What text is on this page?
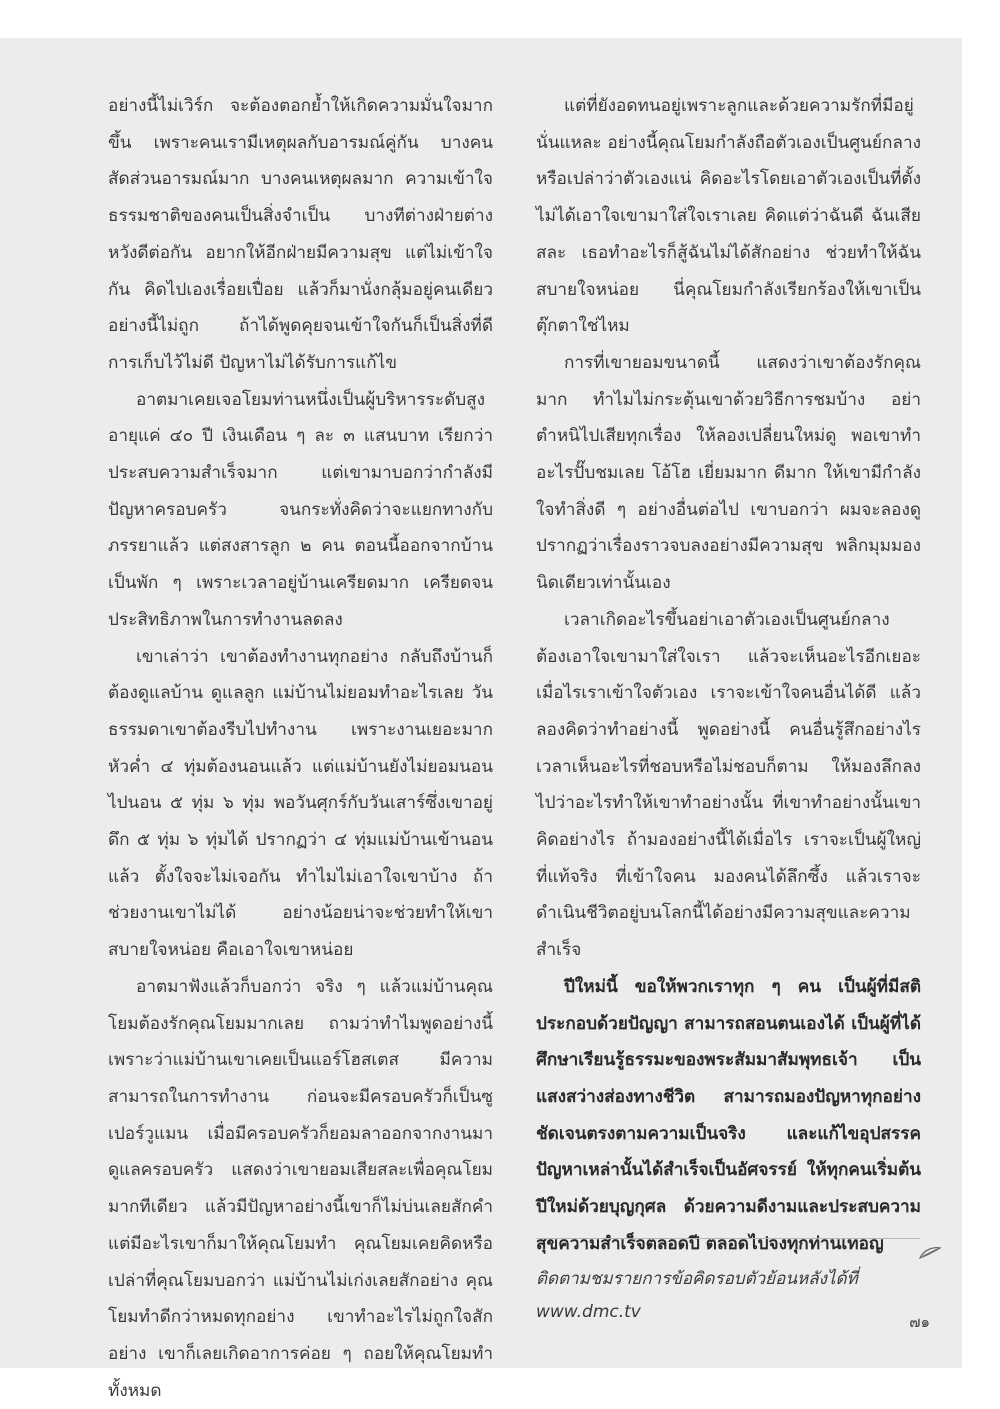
อย่างนี้ไม่เวิร์ก จะต้องตอกย้ำให้เกิดความมั่นใจมากขึ้น เพราะคนเรามีเหตุผลกับอารมณ์คู่กัน บางคนสัดส่วนอารมณ์มาก บางคนเหตุผลมาก ความเข้าใจธรรมชาติของคนเป็นสิ่งจำเป็น บางทีต่างฝ่ายต่างหวังดีต่อกัน อยากให้อีกฝ่ายมีความสุข แต่ไม่เข้าใจกัน คิดไปเองเรื่อยเปื่อย แล้วก็มานั่งกลุ้มอยู่คนเดียว อย่างนี้ไม่ถูก ถ้าได้พูดคุยจนเข้าใจกันก็เป็นสิ่งที่ดี การเก็บไว้ไม่ดี ปัญหาไม่ได้รับการแก้ไข

อาตมาเคยเจอโยมท่านหนึ่งเป็นผู้บริหารระดับสูง อายุแค่ ๔๐ ปี เงินเดือน ๆ ละ ๓ แสนบาท เรียกว่าประสบความสำเร็จมาก แต่เขามาบอกว่ากำลังมีปัญหาครอบครัว จนกระทั่งคิดว่าจะแยกทางกับภรรยาแล้ว แต่สงสารลูก ๒ คน ตอนนี้ออกจากบ้านเป็นพัก ๆ เพราะเวลาอยู่บ้านเครียดมาก เครียดจนประสิทธิภาพในการทำงานลดลง

เขาเล่าว่า เขาต้องทำงานทุกอย่าง กลับถึงบ้านก็ต้องดูแลบ้าน ดูแลลูก แม่บ้านไม่ยอมทำอะไรเลย วันธรรมดาเขาต้องรีบไปทำงาน เพราะงานเยอะมาก หัวค่ำ ๔ ทุ่มต้องนอนแล้ว แต่แม่บ้านยังไม่ยอมนอนไปนอน ๕ ทุ่ม ๖ ทุ่ม พอวันศุกร์กับวันเสาร์ซึ่งเขาอยู่ดึก ๕ ทุ่ม ๖ ทุ่มได้ ปรากฏว่า ๔ ทุ่มแม่บ้านเข้านอนแล้ว ตั้งใจจะไม่เจอกัน ทำไมไม่เอาใจเขาบ้าง ถ้าช่วยงานเขาไม่ได้ อย่างน้อยน่าจะช่วยทำให้เขาสบายใจหน่อย คือเอาใจเขาหน่อย

อาตมาฟังแล้วก็บอกว่า จริง ๆ แล้วแม่บ้านคุณโยมต้องรักคุณโยมมากเลย ถามว่าทำไมพูดอย่างนี้ เพราะว่าแม่บ้านเขาเคยเป็นแอร์โฮสเตส มีความสามารถในการทำงาน ก่อนจะมีครอบครัวก็เป็นซูเปอร์วูแมน เมื่อมีครอบครัวก็ยอมลาออกจากงานมาดูแลครอบครัว แสดงว่าเขายอมเสียสละเพื่อคุณโยมมากทีเดียว แล้วมีปัญหาอย่างนี้เขาก็ไม่บ่นเลยสักคำ แต่มีอะไรเขาก็มาให้คุณโยมทำ คุณโยมเคยคิดหรือเปล่าที่คุณโยมบอกว่า แม่บ้านไม่เก่งเลยสักอย่าง คุณโยมทำดีกว่าหมดทุกอย่าง เขาทำอะไรไม่ถูกใจสักอย่าง เขาก็เลยเกิดอาการค่อย ๆ ถอยให้คุณโยมทำทั้งหมด

แต่ที่ยังอดทนอยู่เพราะลูกและด้วยความรักที่มีอยู่นั่นแหละ อย่างนี้คุณโยมกำลังถือตัวเองเป็นศูนย์กลางหรือเปล่าว่าตัวเองแน่ คิดอะไรโดยเอาตัวเองเป็นที่ตั้ง ไม่ได้เอาใจเขามาใส่ใจเราเลย คิดแต่ว่าฉันดี ฉันเสียสละ เธอทำอะไรก็สู้ฉันไม่ได้สักอย่าง ช่วยทำให้ฉันสบายใจหน่อย นี่คุณโยมกำลังเรียกร้องให้เขาเป็นตุ๊กตาใช่ไหม

การที่เขายอมขนาดนี้ แสดงว่าเขาต้องรักคุณมาก ทำไมไม่กระตุ้นเขาด้วยวิธีการชมบ้าง อย่าตำหนิไปเสียทุกเรื่อง ให้ลองเปลี่ยนใหม่ดู พอเขาทำอะไรปั๊บชมเลย โอ้โฮ เยี่ยมมาก ดีมาก ให้เขามีกำลังใจทำสิ่งดี ๆ อย่างอื่นต่อไป เขาบอกว่า ผมจะลองดู ปรากฏว่าเรื่องราวจบลงอย่างมีความสุข พลิกมุมมองนิดเดียวเท่านั้นเอง

เวลาเกิดอะไรขึ้นอย่าเอาตัวเองเป็นศูนย์กลาง ต้องเอาใจเขามาใส่ใจเรา แล้วจะเห็นอะไรอีกเยอะ เมื่อไรเราเข้าใจตัวเอง เราจะเข้าใจคนอื่นได้ดี แล้วลองคิดว่าทำอย่างนี้ พูดอย่างนี้ คนอื่นรู้สึกอย่างไร เวลาเห็นอะไรที่ชอบหรือไม่ชอบก็ตาม ให้มองลึกลงไปว่าอะไรทำให้เขาทำอย่างนั้น ที่เขาทำอย่างนั้นเขาคิดอย่างไร ถ้ามองอย่างนี้ได้เมื่อไร เราจะเป็นผู้ใหญ่ที่แท้จริง ที่เข้าใจคน มองคนได้ลึกซึ้ง แล้วเราจะดำเนินชีวิตอยู่บนโลกนี้ได้อย่างมีความสุขและความสำเร็จ

ปีใหม่นี้ ขอให้พวกเราทุก ๆ คน เป็นผู้ที่มีสติประกอบด้วยปัญญา สามารถสอนตนเองได้ เป็นผู้ที่ได้ศึกษาเรียนรู้ธรรมะของพระสัมมาสัมพุทธเจ้า เป็นแสงสว่างส่องทางชีวิต สามารถมองปัญหาทุกอย่างชัดเจนตรงตามความเป็นจริง และแก้ไขอุปสรรคปัญหาเหล่านั้นได้สำเร็จเป็นอัศจรรย์ ให้ทุกคนเริ่มต้นปีใหม่ด้วยบุญกุศล ด้วยความดีงามและประสบความสุขความสำเร็จตลอดปี ตลอดไปจงทุกท่านเทอญ

ติดตามชมรายการข้อคิดรอบตัวย้อนหลังได้ที่
www.dmc.tv	๗๑
